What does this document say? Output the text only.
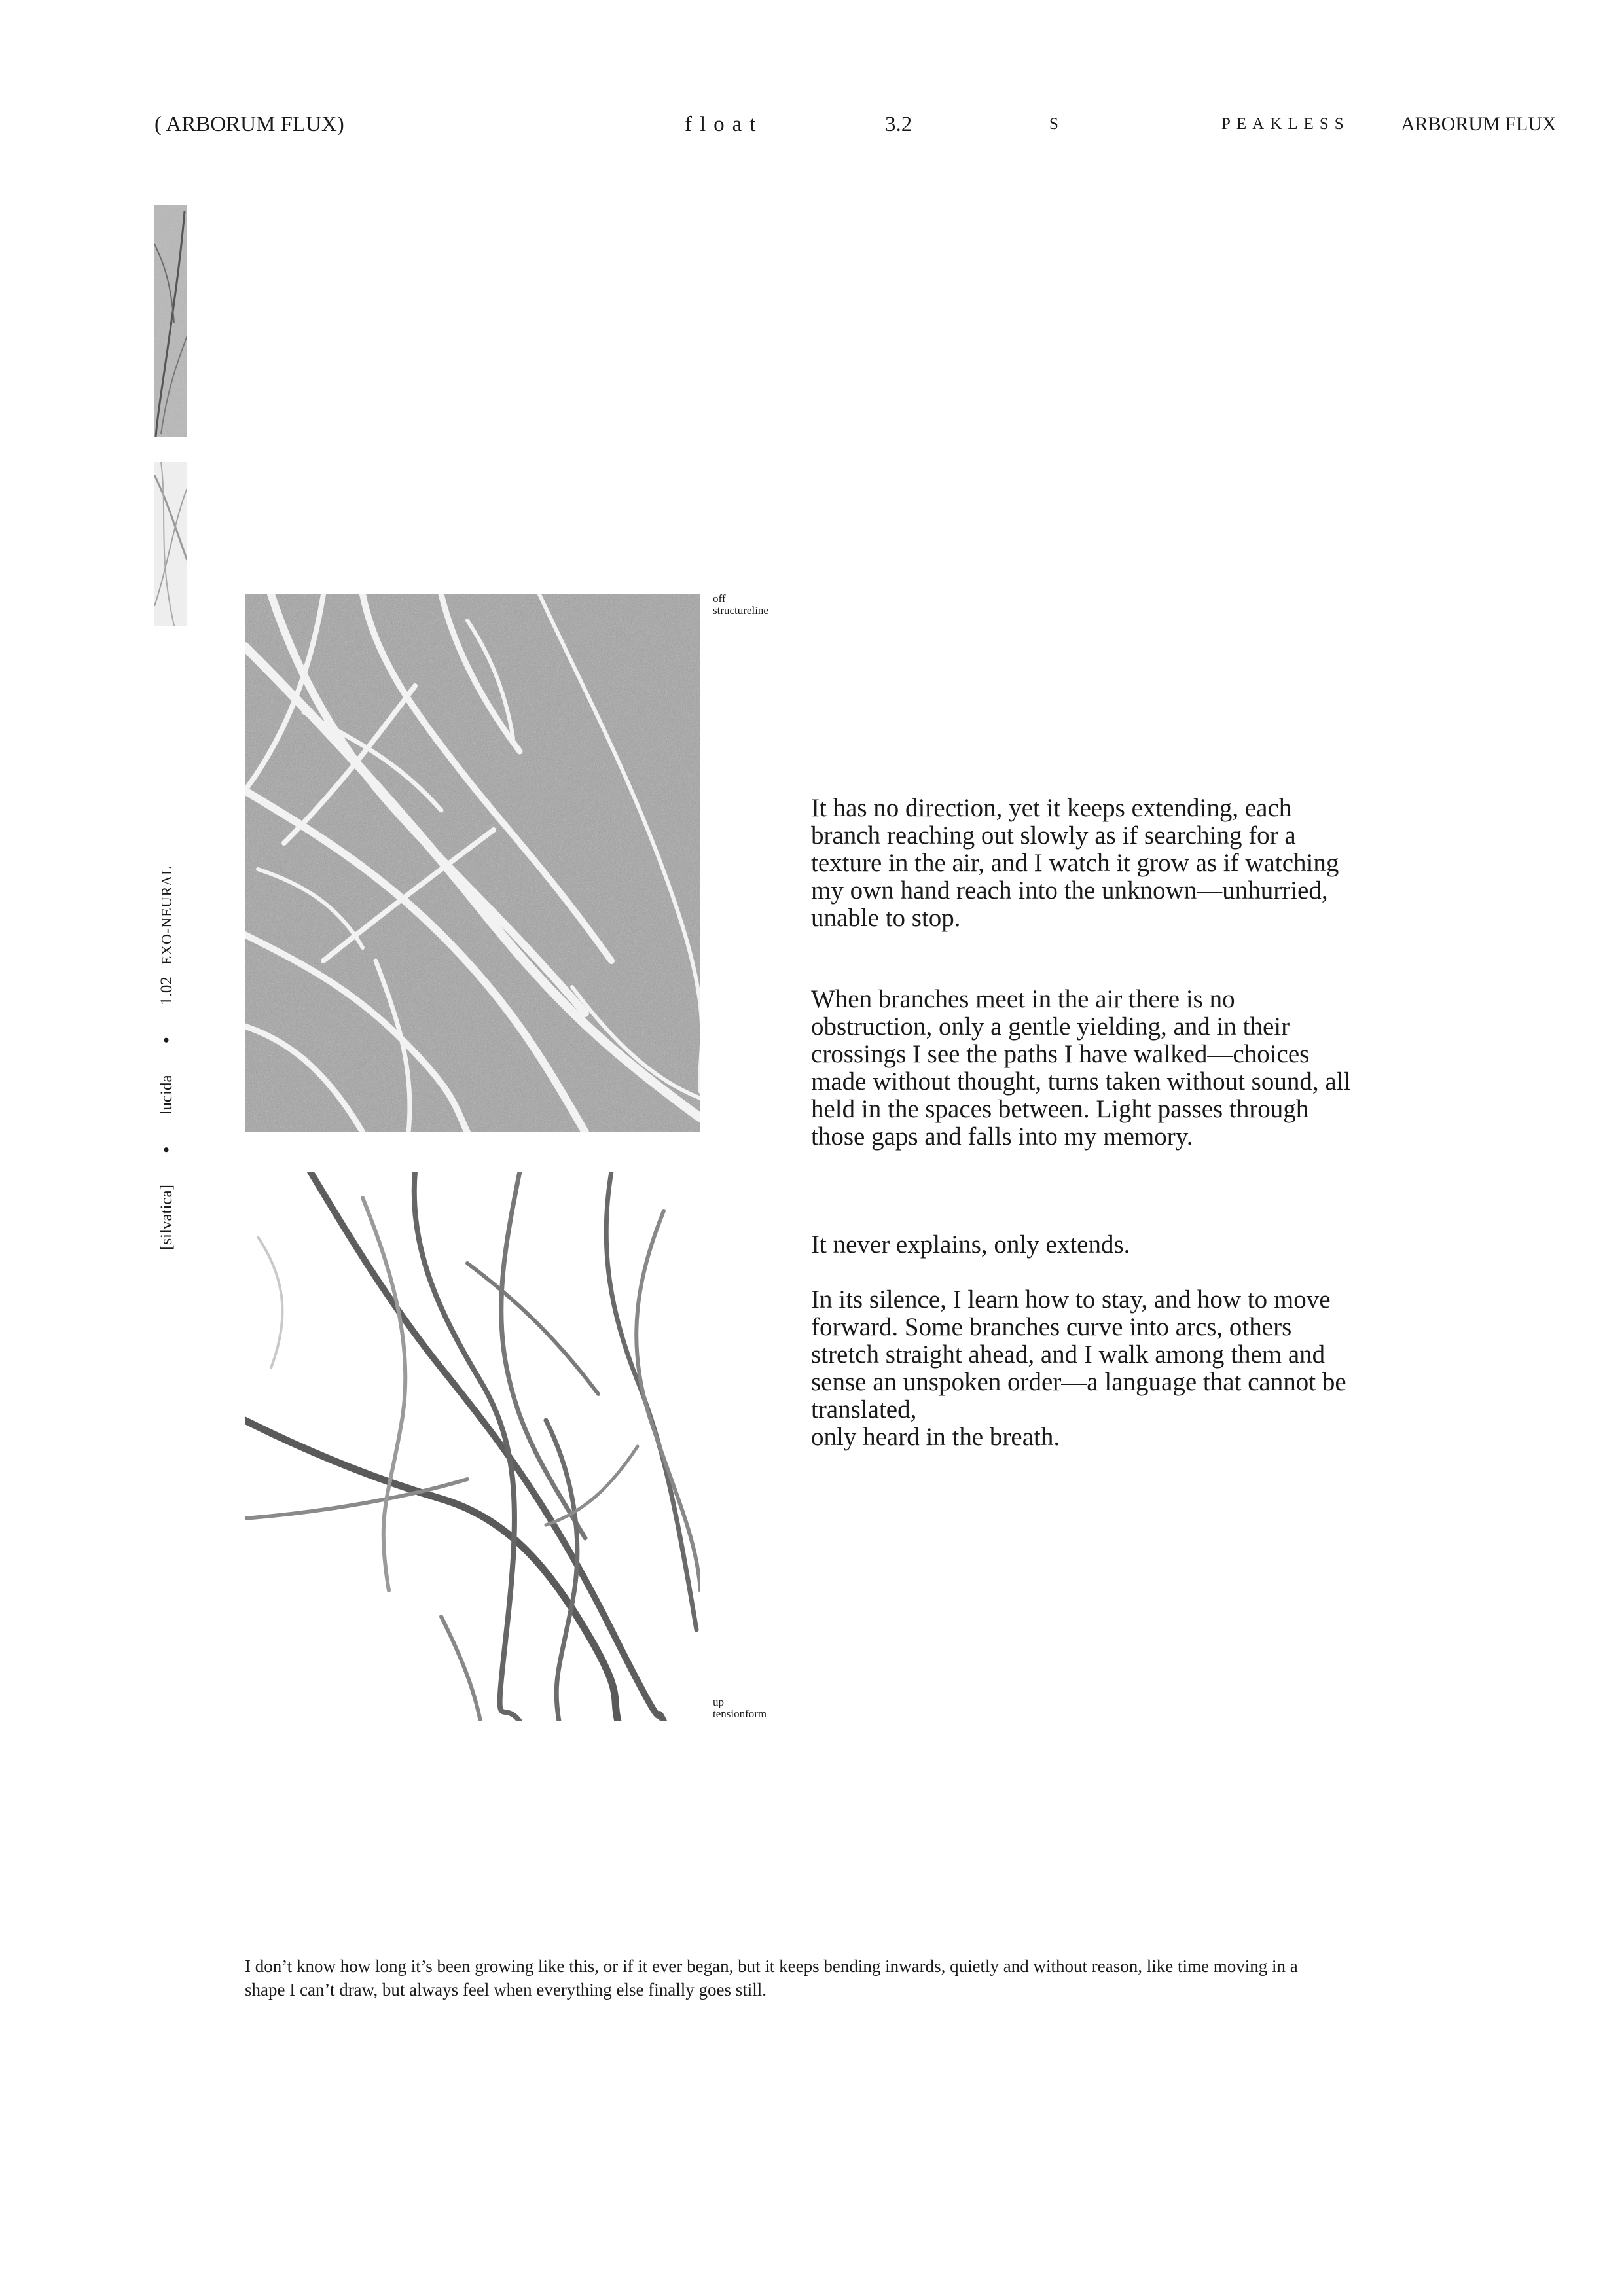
( ARBORUM FLUX)	float	3.2	S	PEAKLESS	ARBORUM FLUX
[silvatica]
•
lucida
•
1.02
EXO-NEURAL
off
structureline
up
tensionform

It has no direction, yet it keeps extending, each branch reaching out slowly as if searching for a texture in the air, and I watch it grow as if watching my own hand reach into the unknown—unhurried, unable to stop.

When branches meet in the air there is no obstruction, only a gentle yielding, and in their crossings I see the paths I have walked—choices made without thought, turns taken without sound, all held in the spaces between. Light passes through those gaps and falls into my memory.

It never explains, only extends.

In its silence, I learn how to stay, and how to move forward. Some branches curve into arcs, others stretch straight ahead, and I walk among them and sense an unspoken order—a language that cannot be translated,

only heard in the breath.

I don’t know how long it’s been growing like this, or if it ever began, but it keeps bending inwards, quietly and without reason, like time moving in a shape I can’t draw, but always feel when everything else finally goes still.
